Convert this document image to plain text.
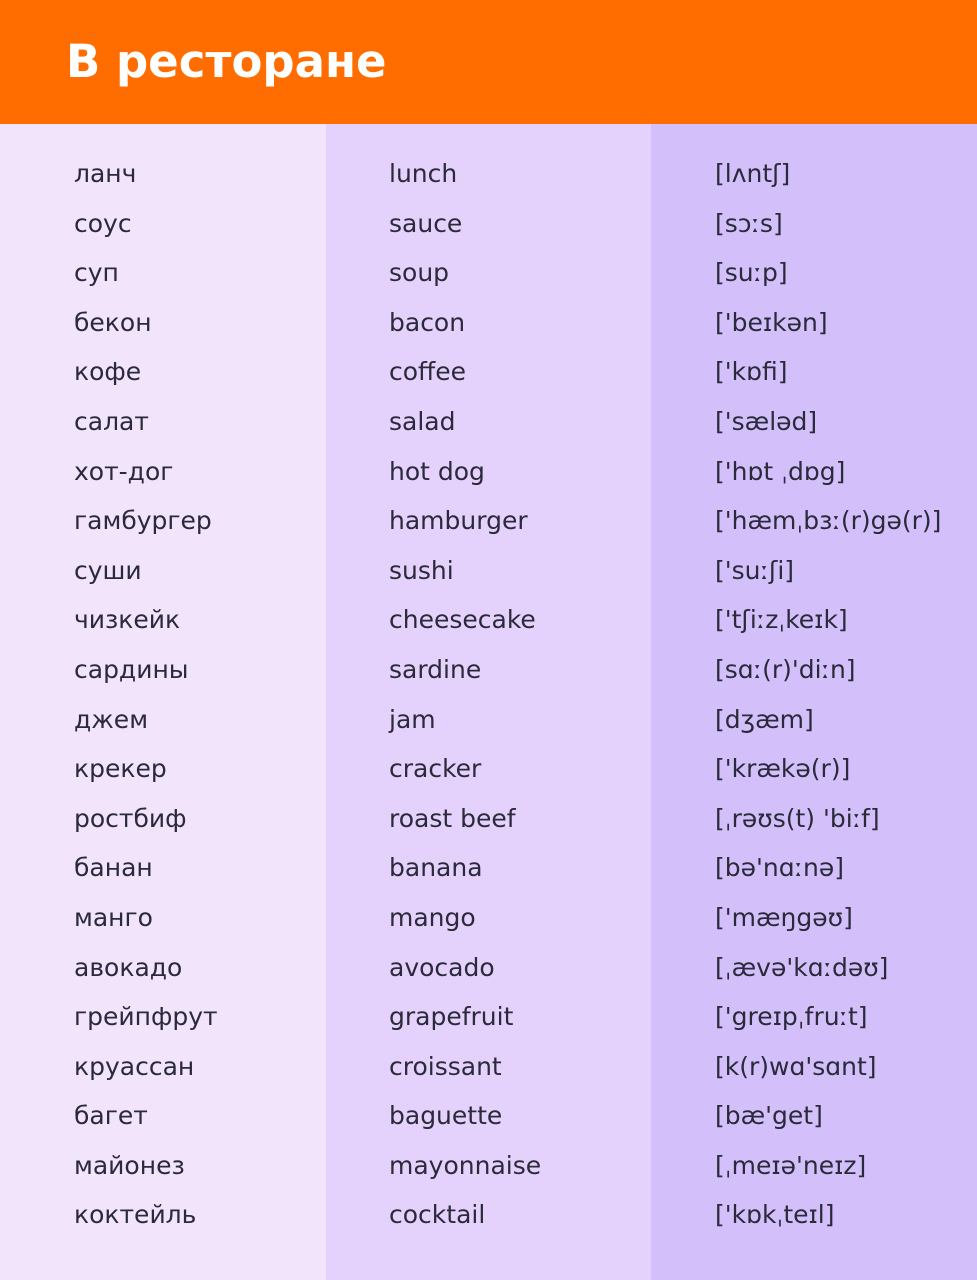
В ресторане
ланч
соус
суп
бекон
кофе
салат
хот-дог
гамбургер
суши
чизкейк
сардины
джем
крекер
ростбиф
банан
манго
авокадо
грейпфрут
круассан
багет
майонез
коктейль
lunch
sauce
soup
bacon
coffee
salad
hot dog
hamburger
sushi
cheesecake
sardine
jam
cracker
roast beef
banana
mango
avocado
grapefruit
croissant
baguette
mayonnaise
cocktail
[lʌntʃ]
[sɔːs]
[suːp]
['beɪkən]
['kɒfi]
['sæləd]
['hɒt ˌdɒg]
['hæmˌbɜː(r)gə(r)]
['suːʃi]
['tʃiːzˌkeɪk]
[sɑː(r)'diːn]
[dʒæm]
['krækə(r)]
[ˌrəʊs(t) 'biːf]
[bə'nɑːnə]
['mæŋgəʊ]
[ˌævə'kɑːdəʊ]
['greɪpˌfruːt]
[k(r)wɑ'sɑnt]
[bæ'get]
[ˌmeɪə'neɪz]
['kɒkˌteɪl]
